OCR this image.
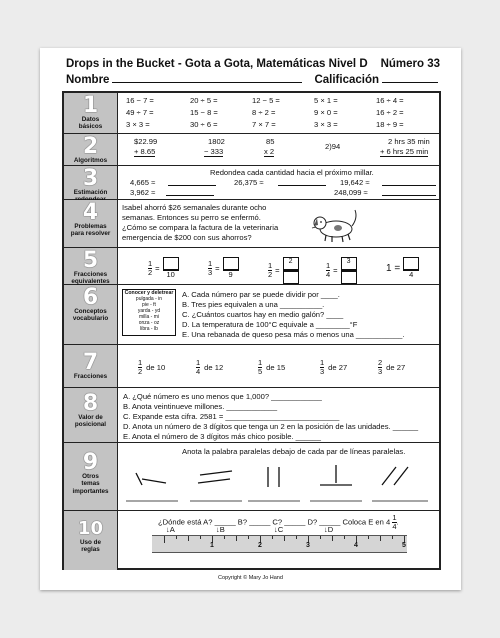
Drops in the Bucket - Gota a Gota, Matemáticas Nivel D Número 33
Nombre	Calificación
1
Datos
básicos
16 − 7 =	20 ÷ 5 =	12 − 5 =	5 × 1 =	16 ÷ 4 =
49 ÷ 7 =	15 − 8 =	8 ÷ 2 =	9 × 0 =	16 ÷ 2 =
3 × 3 =	30 ÷ 6 =	7 × 7 =	3 × 3 =	18 ÷ 9 =
2
Algoritmos
$22.99
+ 8.65
1802
− 333
85
x 2
2)94
2 hrs 35 min
+ 6 hrs 25 min
3
Estimación
Redondea cada cantidad hacia el próximo millar.
4,665 ≈	26,375 ≈	19,642 ≈
3,962 ≈	248,099 ≈
4
Problemas
para resolver
Isabel ahorró $26 semanales durante ocho
semanas. Entonces su perro se enfermó.
¿Cómo se compara la factura de la veterinaria
emergencia de $200 con sus ahorros?
5
Fracciones
equivalentes
$\frac{1}{2}$ =
10	$\frac{1}{3}$ =
9	$\frac{1}{2}$ =
2
$\frac{1}{4}$ =
3
1 =
4
6
Conceptos
vocabulario
Conocer y deletrear
pulgada - in
pie - ft
yarda - yd
milla - mi
onza - oz
libra - lb
A. Cada número par se puede dividir por ____.
B. Tres pies equivalen a una __________.
C. ¿Cuántos cuartos hay en medio galón? ____
D. La temperatura de 100°C equivale a ________°F
E. Una rebanada de queso pesa más o menos una ___________.
7
Fracciones
$\frac{1}{2}$ de 10	$\frac{1}{4}$ de 12	$\frac{1}{5}$ de 15	$\frac{1}{3}$ de 27	$\frac{2}{3}$ de 27
8
Valor de
posicional
A. ¿Qué número es uno menos que 1,000? ____________
B. Anota veintinueve millones. ____________
C. Expande esta cifra. 2581 = ___________________________
D. Anota un número de 3 dígitos que tenga un 2 en la posición de las unidades. ______
E. Anota el número de 3 dígitos más chico posible. ______
9
Otros
temas
importantes
Anota la palabra paralelas debajo de cada par de líneas paralelas.
10
Uso de
reglas
¿Dónde está A? _____ B? _____ C? _____ D? _____ Coloca E en $4 \frac{1}{4}$ .
↓A	↓B	↓C	↓D
1	2	3	4	5
Copyright © Mary Jo Hand
